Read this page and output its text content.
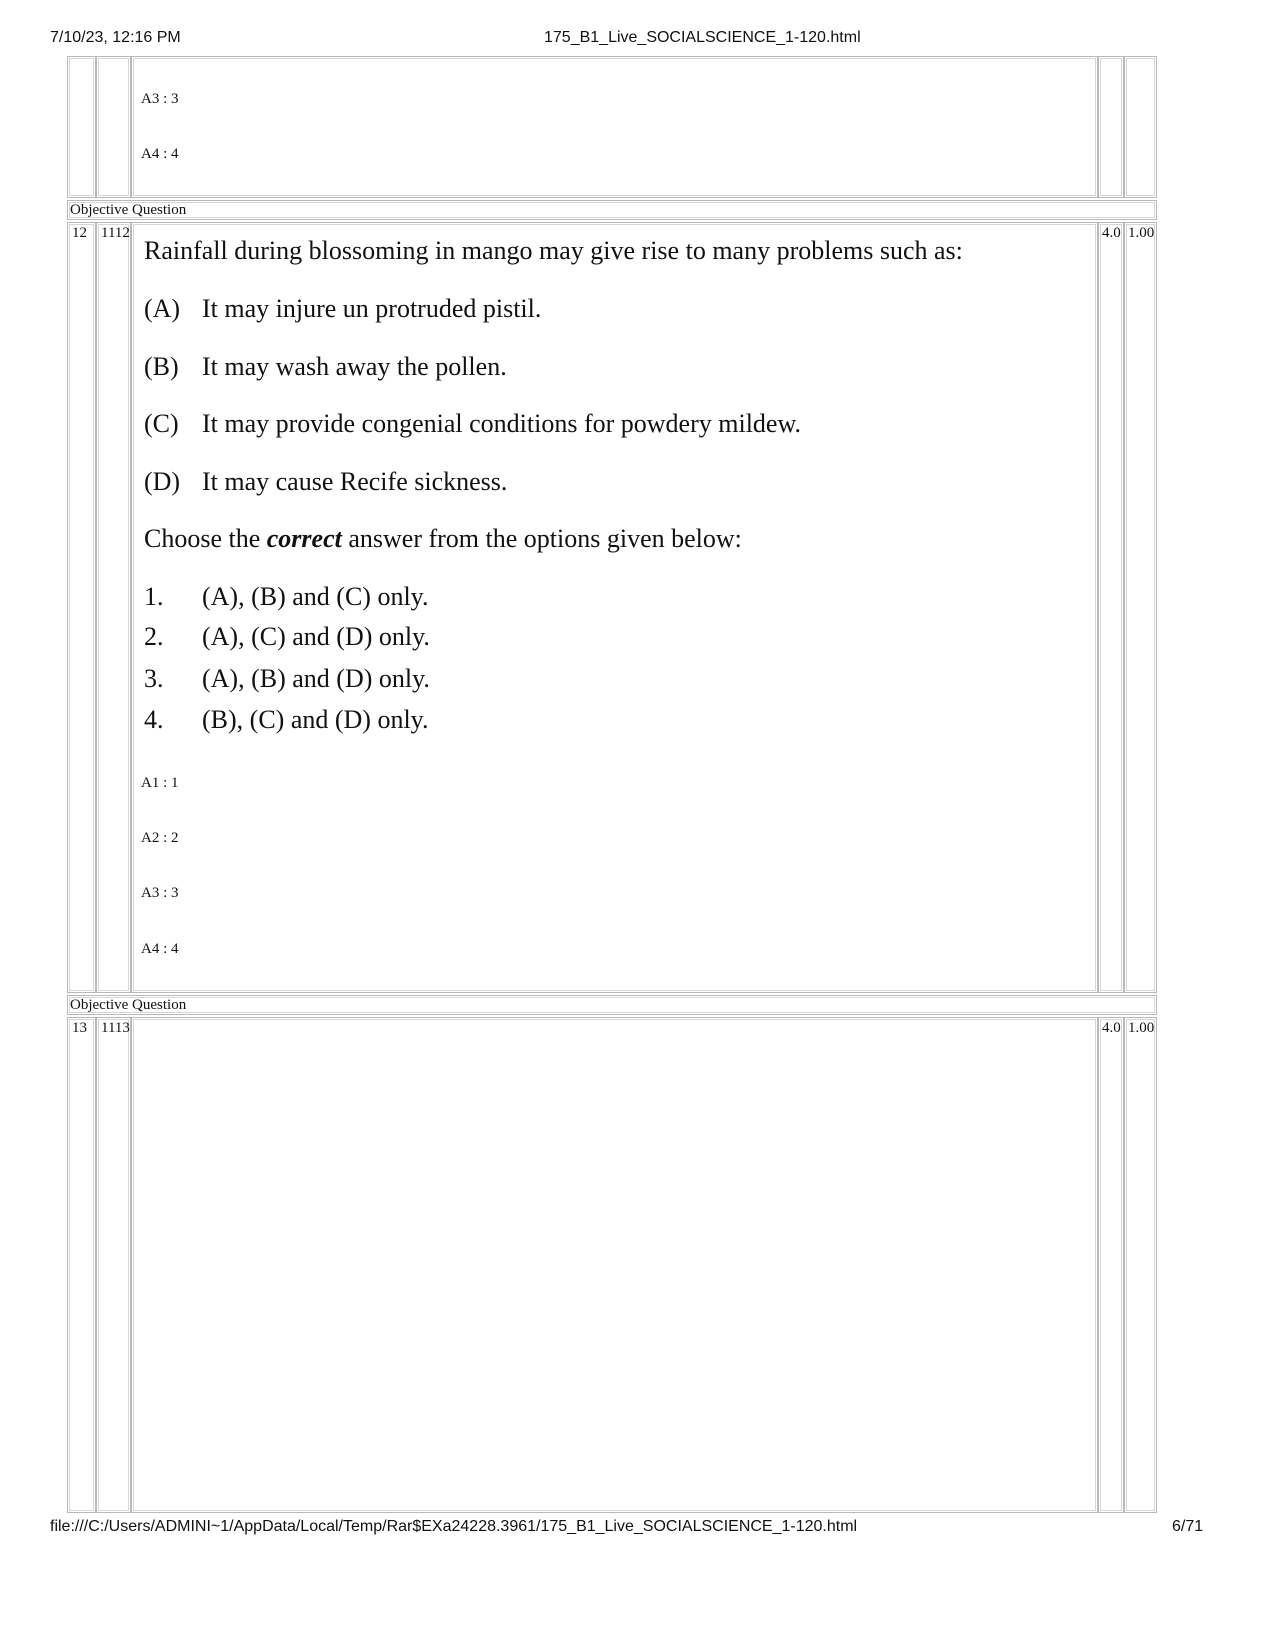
7/10/23, 12:16 PM	175_B1_Live_SOCIALSCIENCE_1-120.html
A3 : 3
A4 : 4
Objective Question
12 1112
Rainfall during blossoming in mango may give rise to many problems such as:
(A) It may injure un protruded pistil.
(B) It may wash away the pollen.
(C) It may provide congenial conditions for powdery mildew.
(D) It may cause Recife sickness.
Choose the correct answer from the options given below:
1. (A), (B) and (C) only.
2. (A), (C) and (D) only.
3. (A), (B) and (D) only.
4. (B), (C) and (D) only.
A1 : 1
A2 : 2
A3 : 3
A4 : 4
4.0 1.00
Objective Question
13 1113	4.0 1.00
file:///C:/Users/ADMINI~1/AppData/Local/Temp/Rar$EXa24228.3961/175_B1_Live_SOCIALSCIENCE_1-120.html	6/71
